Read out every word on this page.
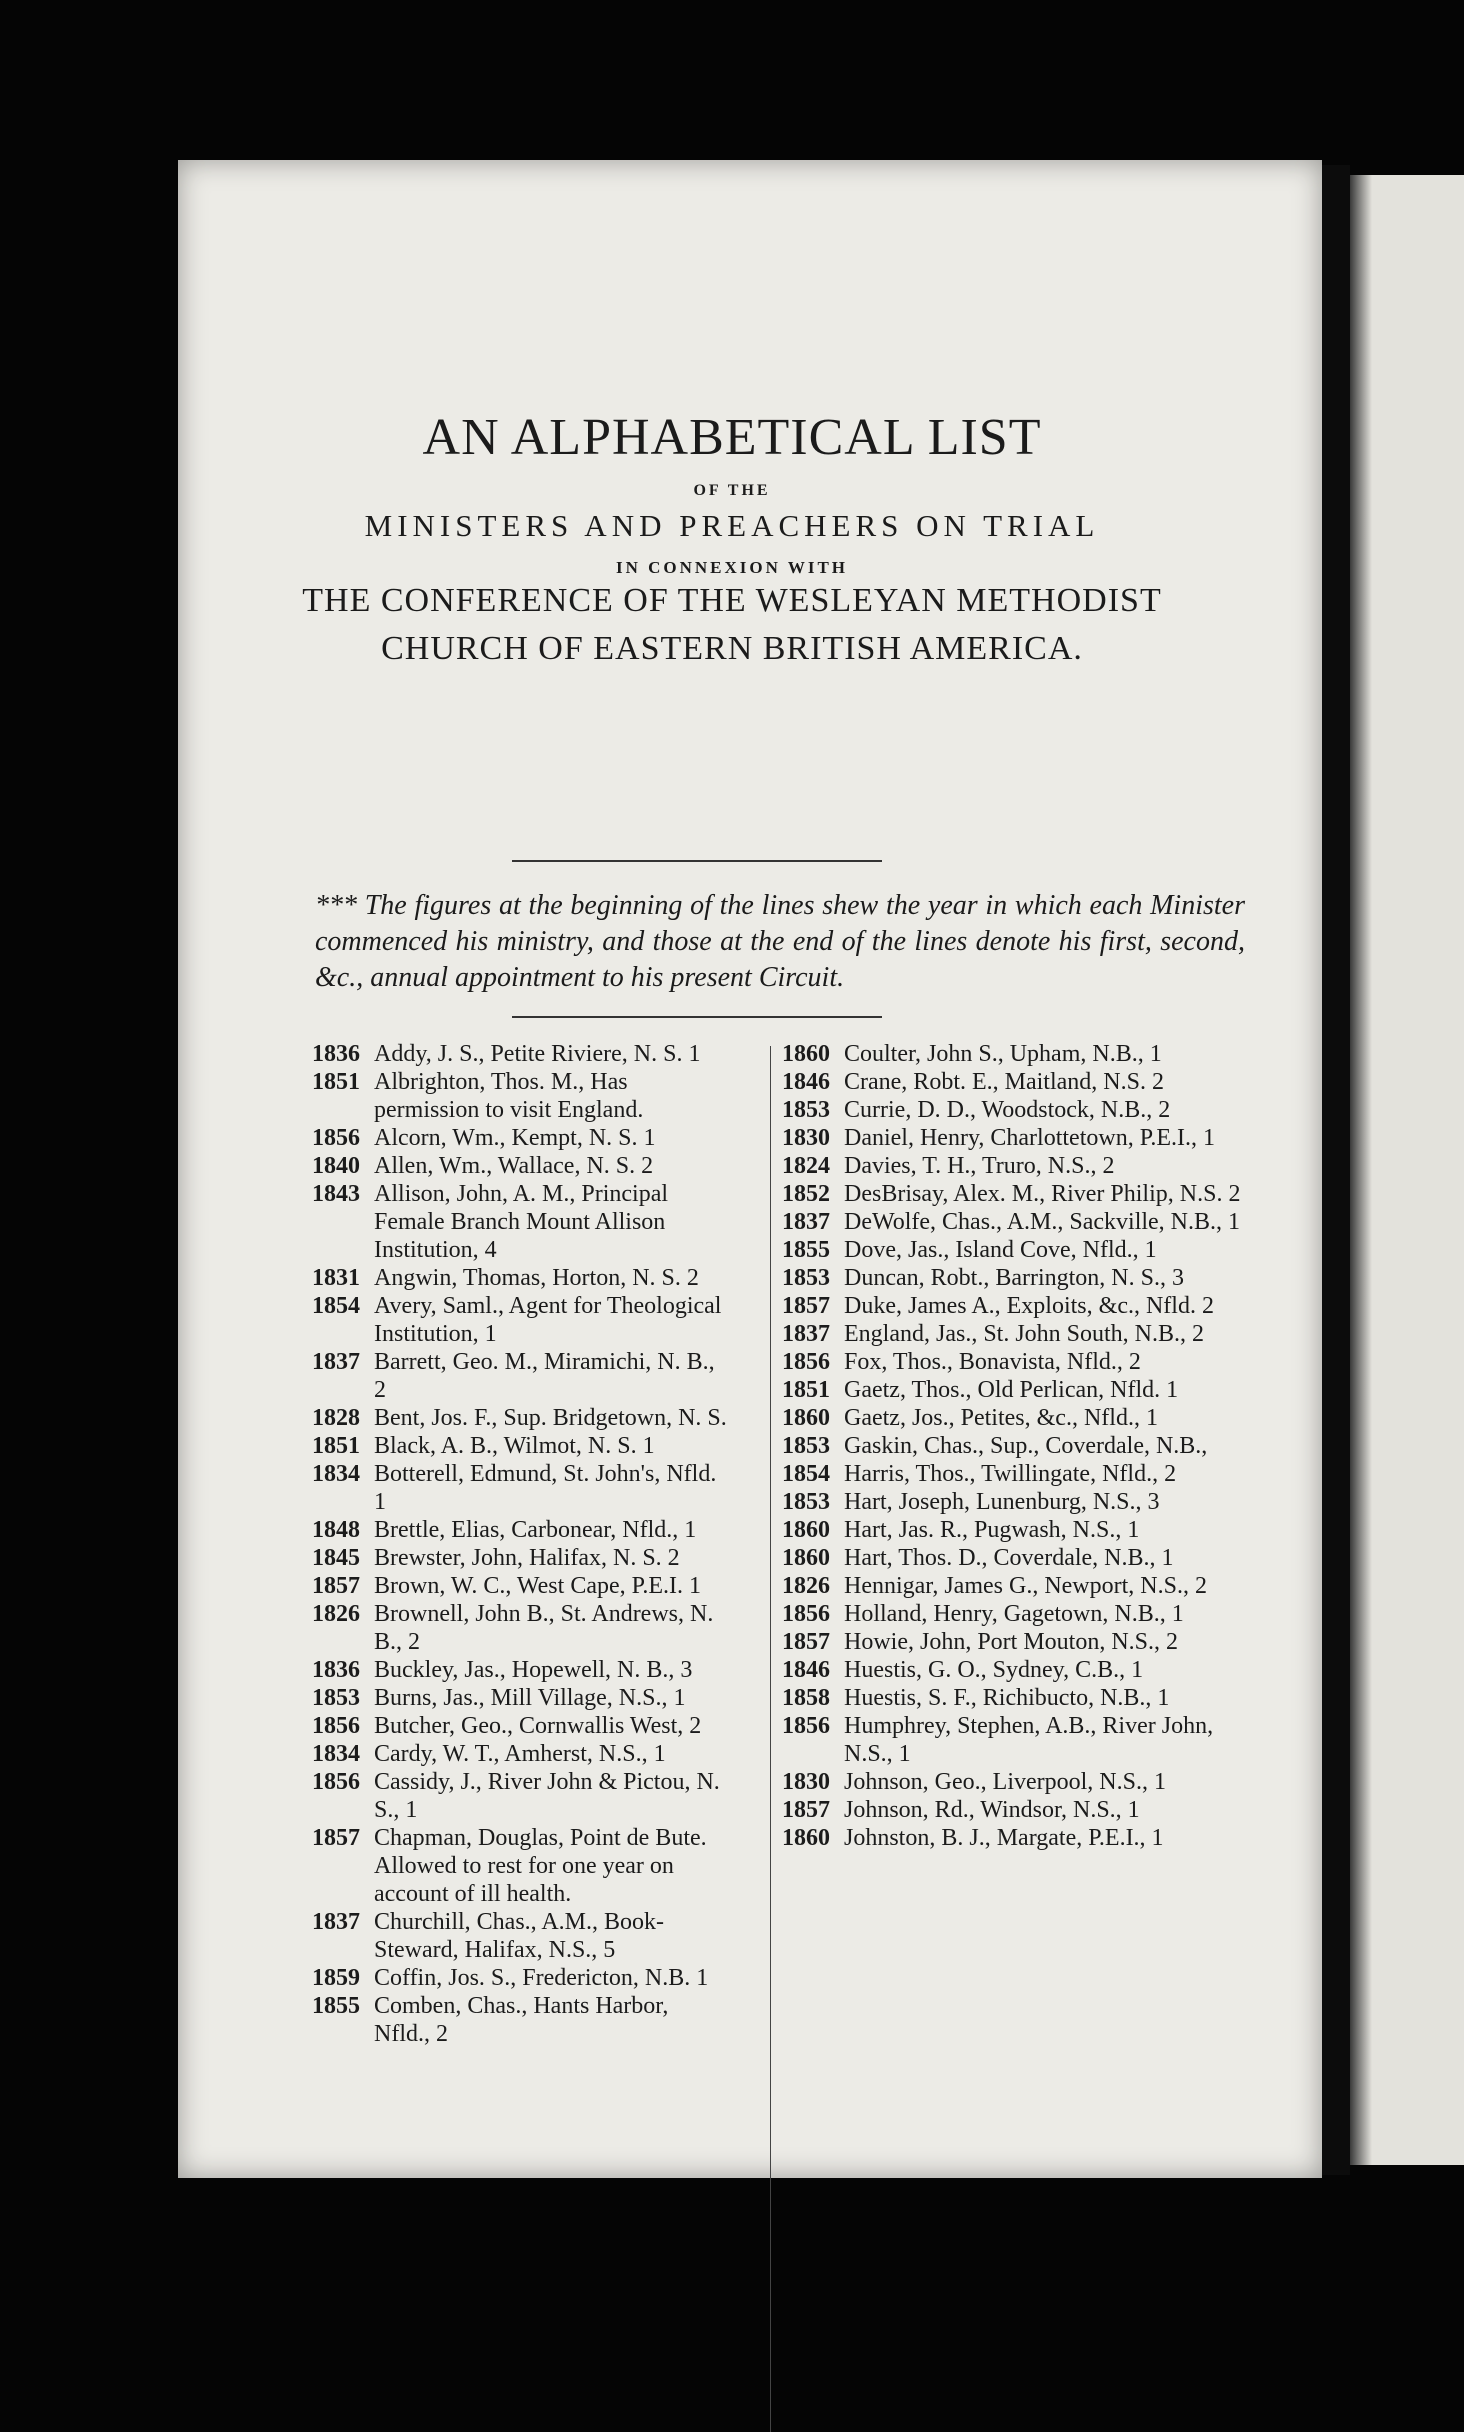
AN ALPHABETICAL LIST
OF THE
MINISTERS AND PREACHERS ON TRIAL
IN CONNEXION WITH
THE CONFERENCE OF THE WESLEYAN METHODIST
CHURCH OF EASTERN BRITISH AMERICA.
*** The figures at the beginning of the lines shew the year in which each Minister commenced his ministry, and those at the end of the lines denote his first, second, &c., annual appointment to his present Circuit.
1836 Addy, J. S., Petite Riviere, N. S. 1
1851 Albrighton, Thos. M., Has permission to visit England.
1856 Alcorn, Wm., Kempt, N. S. 1
1840 Allen, Wm., Wallace, N. S. 2
1843 Allison, John, A. M., Principal Female Branch Mount Allison Institution, 4
1831 Angwin, Thomas, Horton, N. S. 2
1854 Avery, Saml., Agent for Theological Institution, 1
1837 Barrett, Geo. M., Miramichi, N. B., 2
1828 Bent, Jos. F., Sup. Bridgetown, N. S.
1851 Black, A. B., Wilmot, N. S. 1
1834 Botterell, Edmund, St. John's, Nfld. 1
1848 Brettle, Elias, Carbonear, Nfld., 1
1845 Brewster, John, Halifax, N. S. 2
1857 Brown, W. C., West Cape, P.E.I. 1
1826 Brownell, John B., St. Andrews, N. B., 2
1836 Buckley, Jas., Hopewell, N. B., 3
1853 Burns, Jas., Mill Village, N.S., 1
1856 Butcher, Geo., Cornwallis West, 2
1834 Cardy, W. T., Amherst, N.S., 1
1856 Cassidy, J., River John & Pictou, N. S., 1
1857 Chapman, Douglas, Point de Bute. Allowed to rest for one year on account of ill health.
1837 Churchill, Chas., A.M., Book-Steward, Halifax, N.S., 5
1859 Coffin, Jos. S., Fredericton, N.B. 1
1855 Comben, Chas., Hants Harbor, Nfld., 2
1860 Coulter, John S., Upham, N.B., 1
1846 Crane, Robt. E., Maitland, N.S. 2
1853 Currie, D. D., Woodstock, N.B., 2
1830 Daniel, Henry, Charlottetown, P.E.I., 1
1824 Davies, T. H., Truro, N.S., 2
1852 DesBrisay, Alex. M., River Philip, N.S. 2
1837 DeWolfe, Chas., A.M., Sackville, N.B., 1
1855 Dove, Jas., Island Cove, Nfld., 1
1853 Duncan, Robt., Barrington, N. S., 3
1857 Duke, James A., Exploits, &c., Nfld. 2
1837 England, Jas., St. John South, N.B., 2
1856 Fox, Thos., Bonavista, Nfld., 2
1851 Gaetz, Thos., Old Perlican, Nfld. 1
1860 Gaetz, Jos., Petites, &c., Nfld., 1
1853 Gaskin, Chas., Sup., Coverdale, N.B.,
1854 Harris, Thos., Twillingate, Nfld., 2
1853 Hart, Joseph, Lunenburg, N.S., 3
1860 Hart, Jas. R., Pugwash, N.S., 1
1860 Hart, Thos. D., Coverdale, N.B., 1
1826 Hennigar, James G., Newport, N.S., 2
1856 Holland, Henry, Gagetown, N.B., 1
1857 Howie, John, Port Mouton, N.S., 2
1846 Huestis, G. O., Sydney, C.B., 1
1858 Huestis, S. F., Richibucto, N.B., 1
1856 Humphrey, Stephen, A.B., River John, N.S., 1
1830 Johnson, Geo., Liverpool, N.S., 1
1857 Johnson, Rd., Windsor, N.S., 1
1860 Johnston, B. J., Margate, P.E.I., 1
